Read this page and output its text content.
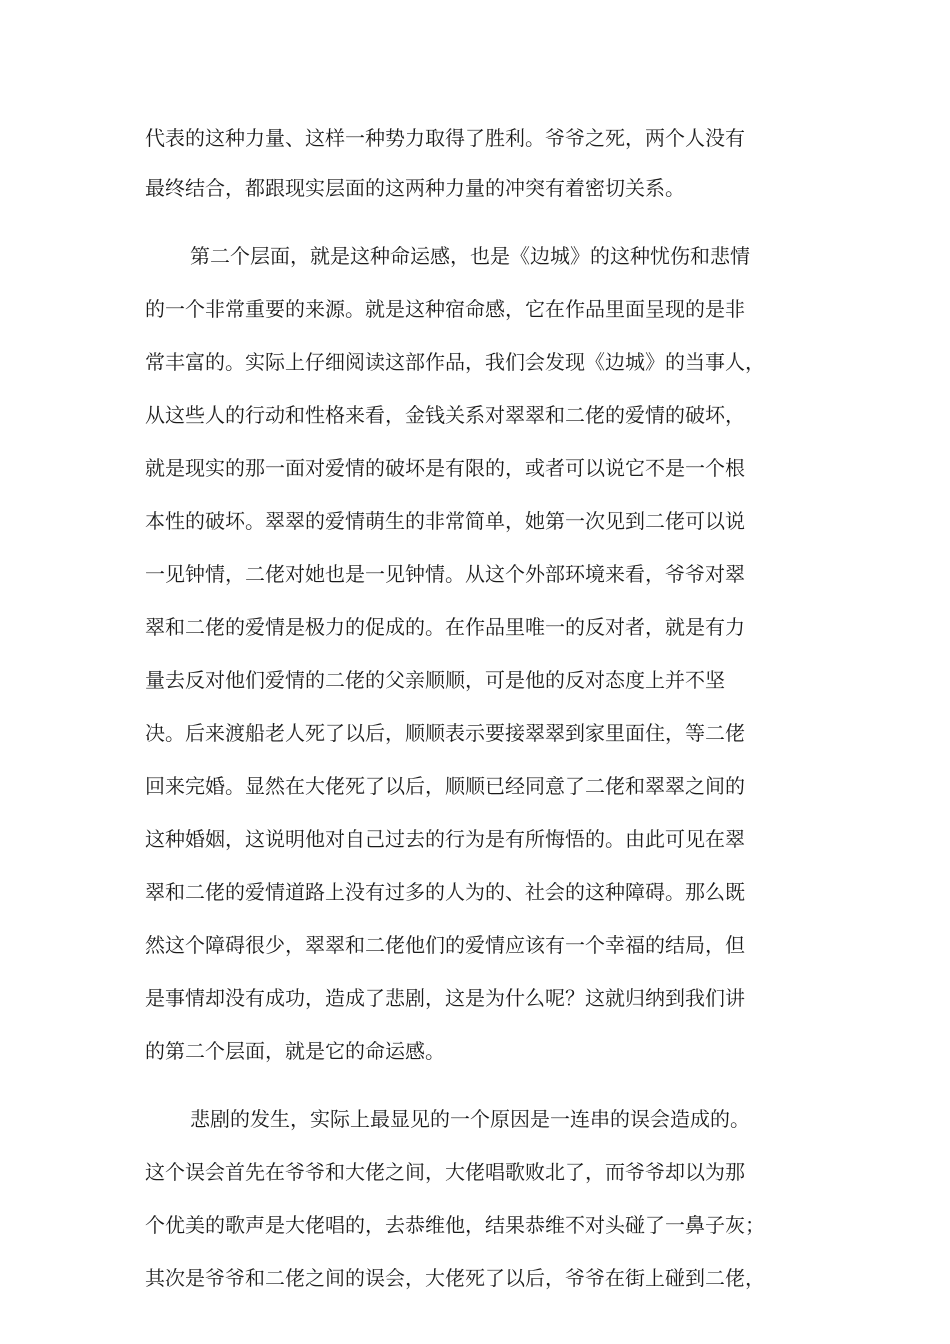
代表的这种力量、这样一种势力取得了胜利。爷爷之死，两个人没有
最终结合，都跟现实层面的这两种力量的冲突有着密切关系。
第二个层面，就是这种命运感，也是《边城》的这种忧伤和悲情
的一个非常重要的来源。就是这种宿命感，它在作品里面呈现的是非
常丰富的。实际上仔细阅读这部作品，我们会发现《边城》的当事人，
从这些人的行动和性格来看，金钱关系对翠翠和二佬的爱情的破坏，
就是现实的那一面对爱情的破坏是有限的，或者可以说它不是一个根
本性的破坏。翠翠的爱情萌生的非常简单，她第一次见到二佬可以说
一见钟情，二佬对她也是一见钟情。从这个外部环境来看，爷爷对翠
翠和二佬的爱情是极力的促成的。在作品里唯一的反对者，就是有力
量去反对他们爱情的二佬的父亲顺顺，可是他的反对态度上并不坚
决。后来渡船老人死了以后，顺顺表示要接翠翠到家里面住，等二佬
回来完婚。显然在大佬死了以后，顺顺已经同意了二佬和翠翠之间的
这种婚姻，这说明他对自己过去的行为是有所悔悟的。由此可见在翠
翠和二佬的爱情道路上没有过多的人为的、社会的这种障碍。那么既
然这个障碍很少，翠翠和二佬他们的爱情应该有一个幸福的结局，但
是事情却没有成功，造成了悲剧，这是为什么呢？这就归纳到我们讲
的第二个层面，就是它的命运感。
悲剧的发生，实际上最显见的一个原因是一连串的误会造成的。
这个误会首先在爷爷和大佬之间，大佬唱歌败北了，而爷爷却以为那
个优美的歌声是大佬唱的，去恭维他，结果恭维不对头碰了一鼻子灰；
其次是爷爷和二佬之间的误会，大佬死了以后，爷爷在街上碰到二佬，
